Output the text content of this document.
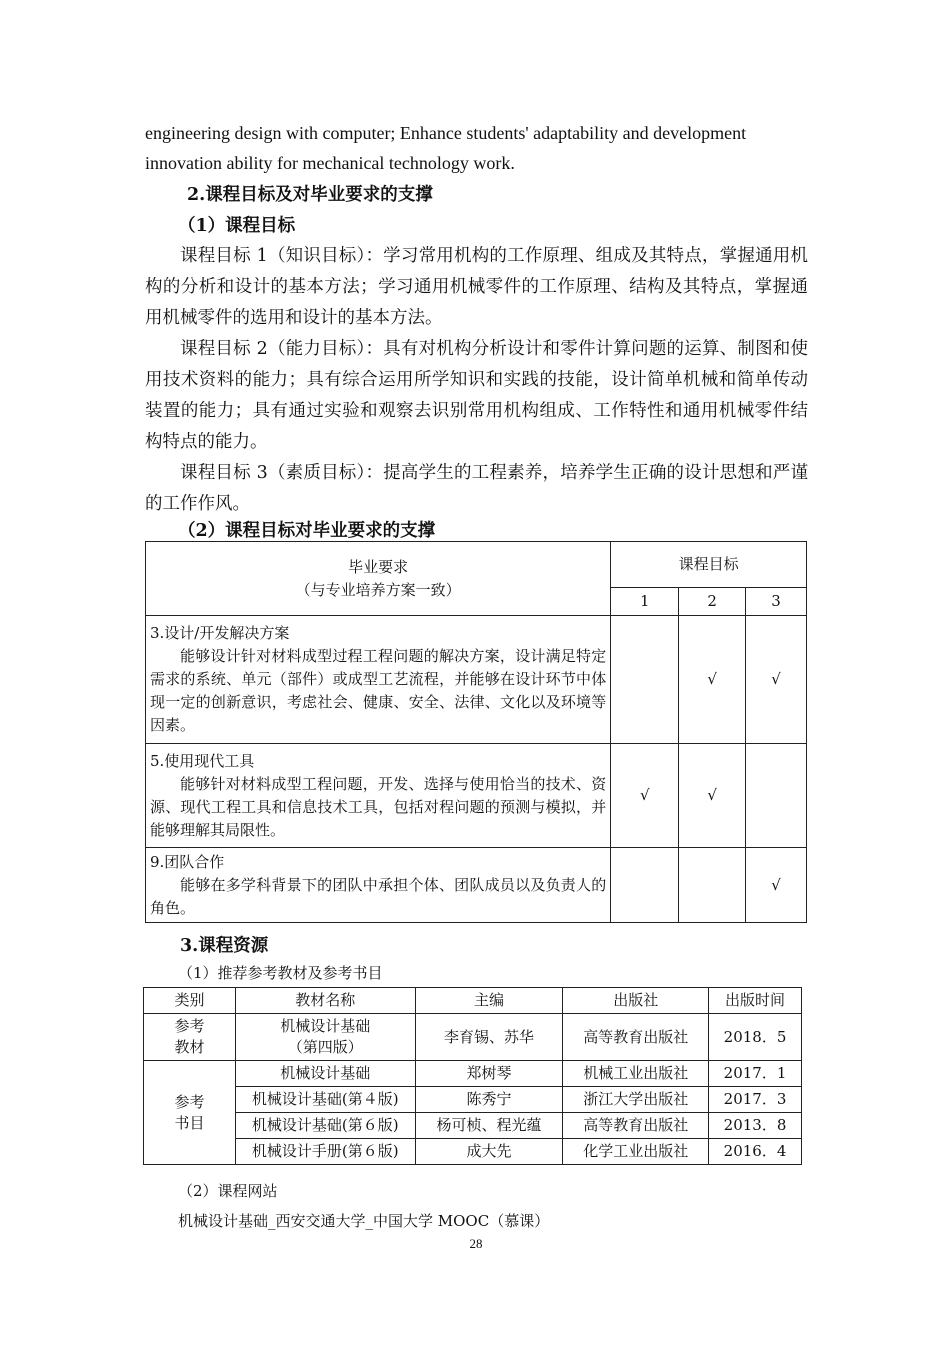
engineering design with computer; Enhance students' adaptability and development

innovation ability for mechanical technology work.

2.课程目标及对毕业要求的支撑

（1）课程目标

课程目标 1（知识目标）：学习常用机构的工作原理、组成及其特点，掌握通用机构的分析和设计的基本方法；学习通用机械零件的工作原理、结构及其特点，掌握通用机械零件的选用和设计的基本方法。

课程目标 2（能力目标）：具有对机构分析设计和零件计算问题的运算、制图和使用技术资料的能力；具有综合运用所学知识和实践的技能，设计简单机械和简单传动装置的能力；具有通过实验和观察去识别常用机构组成、工作特性和通用机械零件结构特点的能力。

课程目标 3（素质目标）：提高学生的工程素养，培养学生正确的设计思想和严谨的工作作风。

（2）课程目标对毕业要求的支撑

毕业要求
（与专业培养方案一致）	课程目标		
	1	2	3

3.设计/开发解决方案
能够设计针对材料成型过程工程问题的解决方案，设计满足特定需求的系统、单元（部件）或成型工艺流程，并能够在设计环节中体现一定的创新意识，考虑社会、健康、安全、法律、文化以及环境等因素。		√	√

5.使用现代工具
能够针对材料成型工程问题，开发、选择与使用恰当的技术、资源、现代工程工具和信息技术工具，包括对程问题的预测与模拟，并能够理解其局限性。	√	√	

9.团队合作
能够在多学科背景下的团队中承担个体、团队成员以及负责人的角色。			√

3.课程资源

（1）推荐参考教材及参考书目

类别	教材名称	主编	出版社	出版时间
参考教材	机械设计基础
（第四版）	李育锡、苏华	高等教育出版社	2018．5
参考书目	机械设计基础	郑树琴	机械工业出版社	2017．1
	机械设计基础(第４版)	陈秀宁	浙江大学出版社	2017．3
	机械设计基础(第６版)	杨可桢、程光蕴	高等教育出版社	2013．8
	机械设计手册(第６版)	成大先	化学工业出版社	2016．4

（2）课程网站

机械设计基础_西安交通大学_中国大学 MOOC（慕课）

28
